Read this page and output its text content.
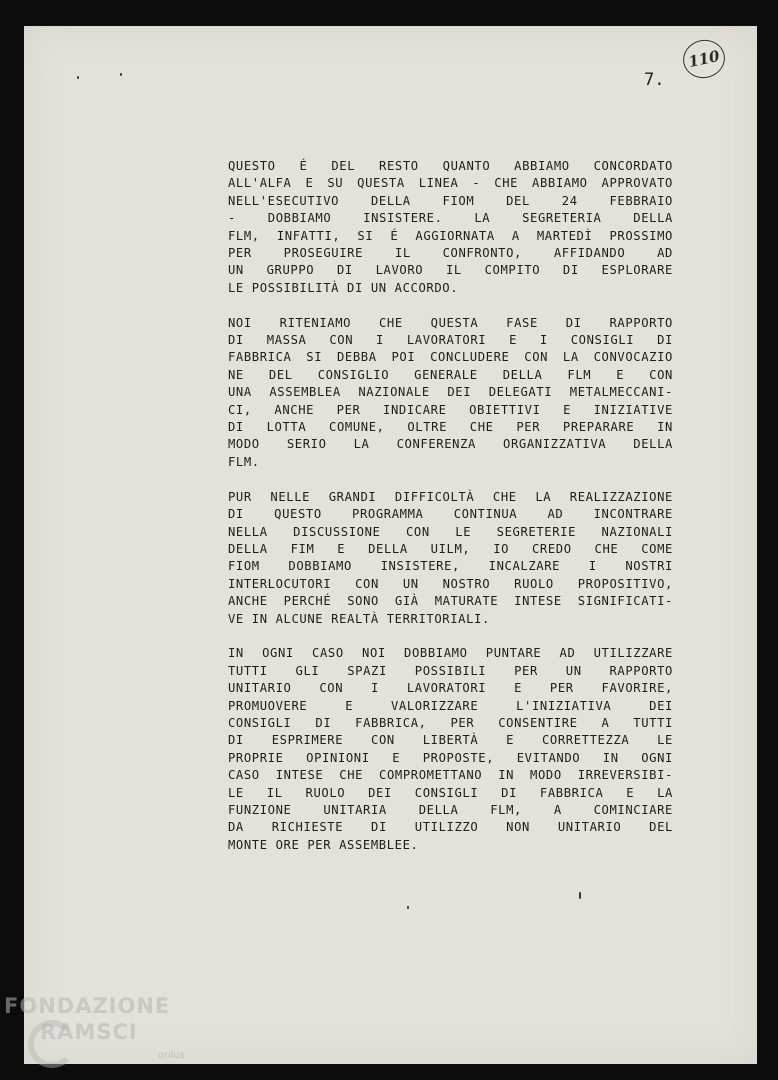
7.
110
QUESTO É DEL RESTO QUANTO ABBIAMO CONCORDATO
ALL'ALFA E SU QUESTA LINEA - CHE ABBIAMO APPROVATO
NELL'ESECUTIVO DELLA FIOM DEL 24 FEBBRAIO
- DOBBIAMO INSISTERE. LA SEGRETERIA DELLA
FLM, INFATTI, SI É AGGIORNATA A MARTEDÌ PROSSIMO
PER PROSEGUIRE IL CONFRONTO, AFFIDANDO AD
UN GRUPPO DI LAVORO IL COMPITO DI ESPLORARE
LE POSSIBILITÀ DI UN ACCORDO.
NOI RITENIAMO CHE QUESTA FASE DI RAPPORTO
DI MASSA CON I LAVORATORI E I CONSIGLI DI
FABBRICA SI DEBBA POI CONCLUDERE CON LA CONVOCAZIO
NE DEL CONSIGLIO GENERALE DELLA FLM E CON
UNA ASSEMBLEA NAZIONALE DEI DELEGATI METALMECCANI-
CI, ANCHE PER INDICARE OBIETTIVI E INIZIATIVE
DI LOTTA COMUNE, OLTRE CHE PER PREPARARE IN
MODO SERIO LA CONFERENZA ORGANIZZATIVA DELLA
FLM.
PUR NELLE GRANDI DIFFICOLTÀ CHE LA REALIZZAZIONE
DI QUESTO PROGRAMMA CONTINUA AD INCONTRARE
NELLA DISCUSSIONE CON LE SEGRETERIE NAZIONALI
DELLA FIM E DELLA UILM, IO CREDO CHE COME
FIOM DOBBIAMO INSISTERE, INCALZARE I NOSTRI
INTERLOCUTORI CON UN NOSTRO RUOLO PROPOSITIVO,
ANCHE PERCHÉ SONO GIÀ MATURATE INTESE SIGNIFICATI-
VE IN ALCUNE REALTÀ TERRITORIALI.
IN OGNI CASO NOI DOBBIAMO PUNTARE AD UTILIZZARE
TUTTI GLI SPAZI POSSIBILI PER UN RAPPORTO
UNITARIO CON I LAVORATORI E PER FAVORIRE,
PROMUOVERE E VALORIZZARE L'INIZIATIVA DEI
CONSIGLI DI FABBRICA, PER CONSENTIRE A TUTTI
DI ESPRIMERE CON LIBERTÀ E CORRETTEZZA LE
PROPRIE OPINIONI E PROPOSTE, EVITANDO IN OGNI
CASO INTESE CHE COMPROMETTANO IN MODO IRREVERSIBI-
LE IL RUOLO DEI CONSIGLI DI FABBRICA E LA
FUNZIONE UNITARIA DELLA FLM, A COMINCIARE
DA RICHIESTE DI UTILIZZO NON UNITARIO DEL
MONTE ORE PER ASSEMBLEE.
FONDAZIONE
RAMSCI
onlus
